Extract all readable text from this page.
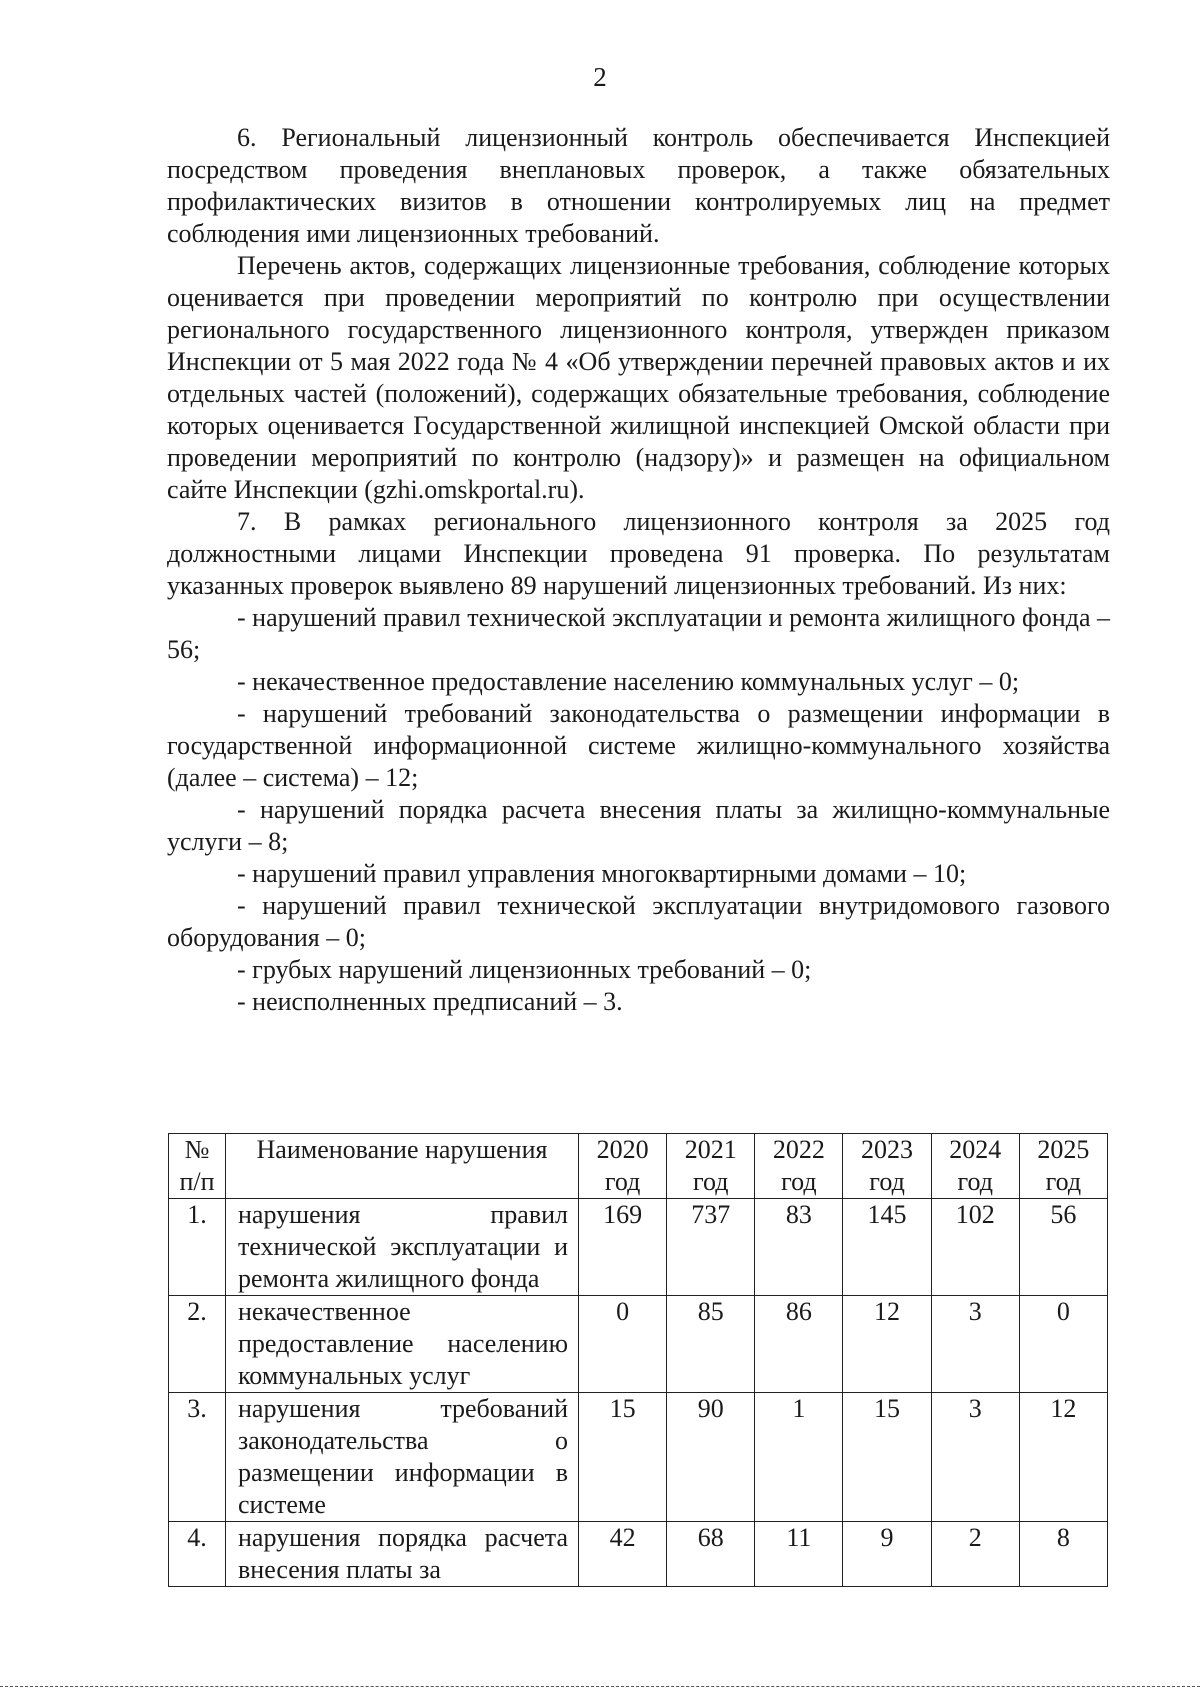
2

6. Региональный лицензионный контроль обеспечивается Инспекцией посредством проведения внеплановых проверок, а также обязательных профилактических визитов в отношении контролируемых лиц на предмет соблюдения ими лицензионных требований.

Перечень актов, содержащих лицензионные требования, соблюдение которых оценивается при проведении мероприятий по контролю при осуществлении регионального государственного лицензионного контроля, утвержден приказом Инспекции от 5 мая 2022 года № 4 «Об утверждении перечней правовых актов и их отдельных частей (положений), содержащих обязательные требования, соблюдение которых оценивается Государственной жилищной инспекцией Омской области при проведении мероприятий по контролю (надзору)» и размещен на официальном сайте Инспекции (gzhi.omskportal.ru).

7. В рамках регионального лицензионного контроля за 2025 год должностными лицами Инспекции проведена 91 проверка. По результатам указанных проверок выявлено 89 нарушений лицензионных требований. Из них:

- нарушений правил технической эксплуатации и ремонта жилищного фонда – 56;

- некачественное предоставление населению коммунальных услуг – 0;

- нарушений требований законодательства о размещении информации в государственной информационной системе жилищно-коммунального хозяйства (далее – система) – 12;

- нарушений порядка расчета внесения платы за жилищно-коммунальные услуги – 8;

- нарушений правил управления многоквартирными домами – 10;

- нарушений правил технической эксплуатации внутридомового газового оборудования – 0;

- грубых нарушений лицензионных требований – 0;

- неисполненных предписаний – 3.

№ п/п	Наименование нарушения	2020 год	2021 год	2022 год	2023 год	2024 год	2025 год
1.	нарушения правил технической эксплуатации и ремонта жилищного фонда	169	737	83	145	102	56
2.	некачественное предоставление населению коммунальных услуг	0	85	86	12	3	0
3.	нарушения требований законодательства о размещении информации в системе	15	90	1	15	3	12
4.	нарушения порядка расчета внесения платы за	42	68	11	9	2	8
